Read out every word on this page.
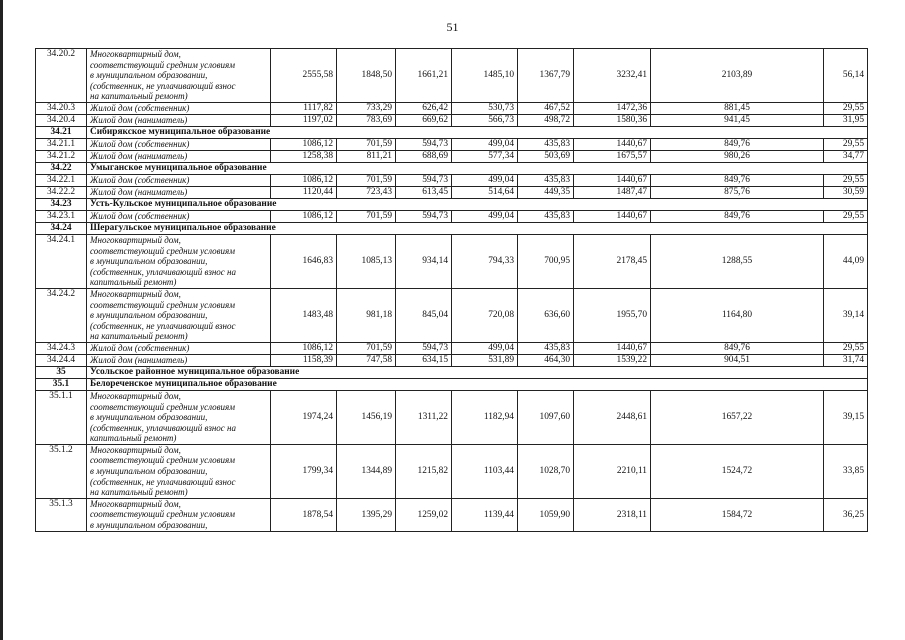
51
34.20.2	Многоквартирный дом,
соответствующий средним условиям
в муниципальном образовании,
(собственник, не уплачивающий взнос
на капитальный ремонт)	2555,58	1848,50	1661,21	1485,10	1367,79	3232,41	2103,89	56,14
34.20.3	Жилой дом (собственник)	1117,82	733,29	626,42	530,73	467,52	1472,36	881,45	29,55
34.20.4	Жилой дом (наниматель)	1197,02	783,69	669,62	566,73	498,72	1580,36	941,45	31,95
34.21	Сибирякское муниципальное образование								
34.21.1	Жилой дом (собственник)	1086,12	701,59	594,73	499,04	435,83	1440,67	849,76	29,55
34.21.2	Жилой дом (наниматель)	1258,38	811,21	688,69	577,34	503,69	1675,57	980,26	34,77
34.22	Умыганское муниципальное образование								
34.22.1	Жилой дом (собственник)	1086,12	701,59	594,73	499,04	435,83	1440,67	849,76	29,55
34.22.2	Жилой дом (наниматель)	1120,44	723,43	613,45	514,64	449,35	1487,47	875,76	30,59
34.23	Усть-Кульское муниципальное образование								
34.23.1	Жилой дом (собственник)	1086,12	701,59	594,73	499,04	435,83	1440,67	849,76	29,55
34.24	Шерагульское муниципальное образование								
34.24.1	Многоквартирный дом,
соответствующий средним условиям
в муниципальном образовании,
(собственник, уплачивающий взнос на
капитальный ремонт)	1646,83	1085,13	934,14	794,33	700,95	2178,45	1288,55	44,09
34.24.2	Многоквартирный дом,
соответствующий средним условиям
в муниципальном образовании,
(собственник, не уплачивающий взнос
на капитальный ремонт)	1483,48	981,18	845,04	720,08	636,60	1955,70	1164,80	39,14
34.24.3	Жилой дом (собственник)	1086,12	701,59	594,73	499,04	435,83	1440,67	849,76	29,55
34.24.4	Жилой дом (наниматель)	1158,39	747,58	634,15	531,89	464,30	1539,22	904,51	31,74
35	Усольское районное муниципальное образование								
35.1	Белореченское муниципальное образование								
35.1.1	Многоквартирный дом,
соответствующий средним условиям
в муниципальном образовании,
(собственник, уплачивающий взнос на
капитальный ремонт)	1974,24	1456,19	1311,22	1182,94	1097,60	2448,61	1657,22	39,15
35.1.2	Многоквартирный дом,
соответствующий средним условиям
в муниципальном образовании,
(собственник, не уплачивающий взнос
на капитальный ремонт)	1799,34	1344,89	1215,82	1103,44	1028,70	2210,11	1524,72	33,85
35.1.3	Многоквартирный дом,
соответствующий средним условиям
в муниципальном образовании,	1878,54	1395,29	1259,02	1139,44	1059,90	2318,11	1584,72	36,25
